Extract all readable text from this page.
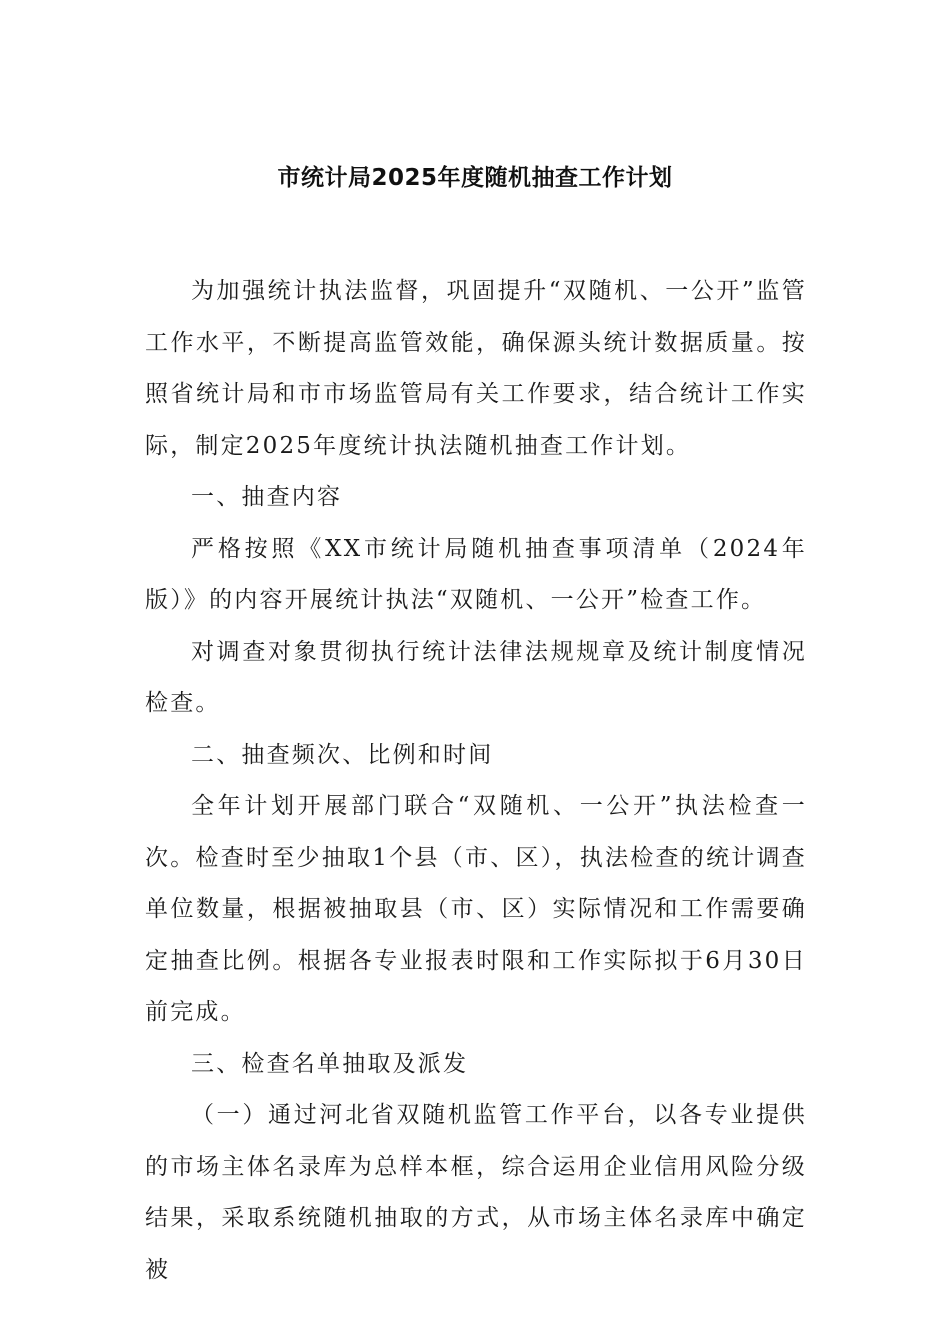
市统计局2025年度随机抽查工作计划

为加强统计执法监督，巩固提升“双随机、一公开”监管工作水平，不断提高监管效能，确保源头统计数据质量。按照省统计局和市市场监管局有关工作要求，结合统计工作实际，制定2025年度统计执法随机抽查工作计划。

一、抽查内容

严格按照《XX市统计局随机抽查事项清单（2024年版）》的内容开展统计执法“双随机、一公开”检查工作。

对调查对象贯彻执行统计法律法规规章及统计制度情况检查。

二、抽查频次、比例和时间

全年计划开展部门联合“双随机、一公开”执法检查一次。检查时至少抽取1个县（市、区），执法检查的统计调查单位数量，根据被抽取县（市、区）实际情况和工作需要确定抽查比例。根据各专业报表时限和工作实际拟于6月30日前完成。

三、检查名单抽取及派发

（一）通过河北省双随机监管工作平台，以各专业提供的市场主体名录库为总样本框，综合运用企业信用风险分级结果，采取系统随机抽取的方式，从市场主体名录库中确定被
